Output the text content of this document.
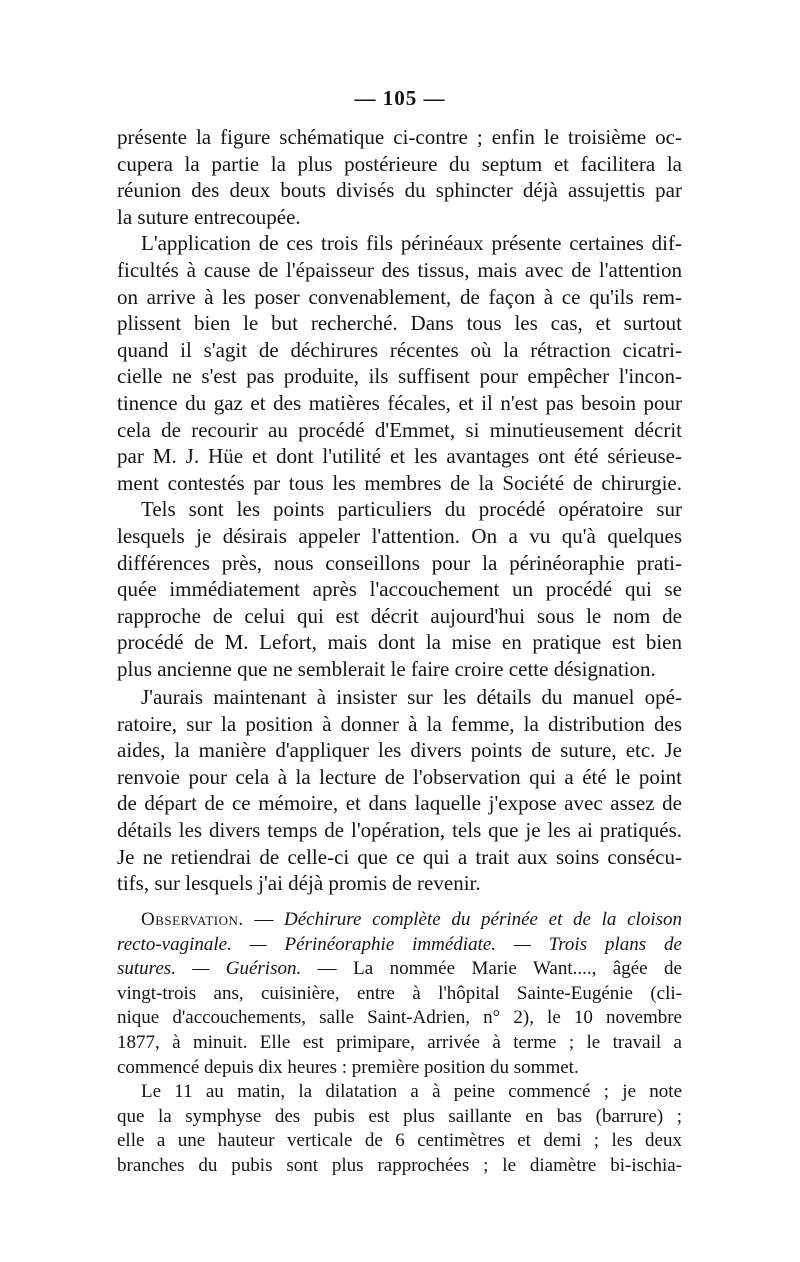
— 105 —
présente la figure schématique ci-contre ; enfin le troisième oc-
cupera la partie la plus postérieure du septum et facilitera la
réunion des deux bouts divisés du sphincter déjà assujettis par
la suture entrecoupée.
L'application de ces trois fils périnéaux présente certaines dif-
ficultés à cause de l'épaisseur des tissus, mais avec de l'attention
on arrive à les poser convenablement, de façon à ce qu'ils rem-
plissent bien le but recherché. Dans tous les cas, et surtout
quand il s'agit de déchirures récentes où la rétraction cicatri-
cielle ne s'est pas produite, ils suffisent pour empêcher l'incon-
tinence du gaz et des matières fécales, et il n'est pas besoin pour
cela de recourir au procédé d'Emmet, si minutieusement décrit
par M. J. Hüe et dont l'utilité et les avantages ont été sérieuse-
ment contestés par tous les membres de la Société de chirurgie.
Tels sont les points particuliers du procédé opératoire sur
lesquels je désirais appeler l'attention. On a vu qu'à quelques
différences près, nous conseillons pour la périnéoraphie prati-
quée immédiatement après l'accouchement un procédé qui se
rapproche de celui qui est décrit aujourd'hui sous le nom de
procédé de M. Lefort, mais dont la mise en pratique est bien
plus ancienne que ne semblerait le faire croire cette désignation.
J'aurais maintenant à insister sur les détails du manuel opé-
ratoire, sur la position à donner à la femme, la distribution des
aides, la manière d'appliquer les divers points de suture, etc. Je
renvoie pour cela à la lecture de l'observation qui a été le point
de départ de ce mémoire, et dans laquelle j'expose avec assez de
détails les divers temps de l'opération, tels que je les ai pratiqués.
Je ne retiendrai de celle-ci que ce qui a trait aux soins consécu-
tifs, sur lesquels j'ai déjà promis de revenir.
Observation. — Déchirure complète du périnée et de la cloison
recto-vaginale. — Périnéoraphie immédiate. — Trois plans de
sutures. — Guérison. — La nommée Marie Want...., âgée de
vingt-trois ans, cuisinière, entre à l'hôpital Sainte-Eugénie (cli-
nique d'accouchements, salle Saint-Adrien, n° 2), le 10 novembre
1877, à minuit. Elle est primipare, arrivée à terme ; le travail a
commencé depuis dix heures : première position du sommet.
Le 11 au matin, la dilatation a à peine commencé ; je note
que la symphyse des pubis est plus saillante en bas (barrure) ;
elle a une hauteur verticale de 6 centimètres et demi ; les deux
branches du pubis sont plus rapprochées ; le diamètre bi-ischia-
